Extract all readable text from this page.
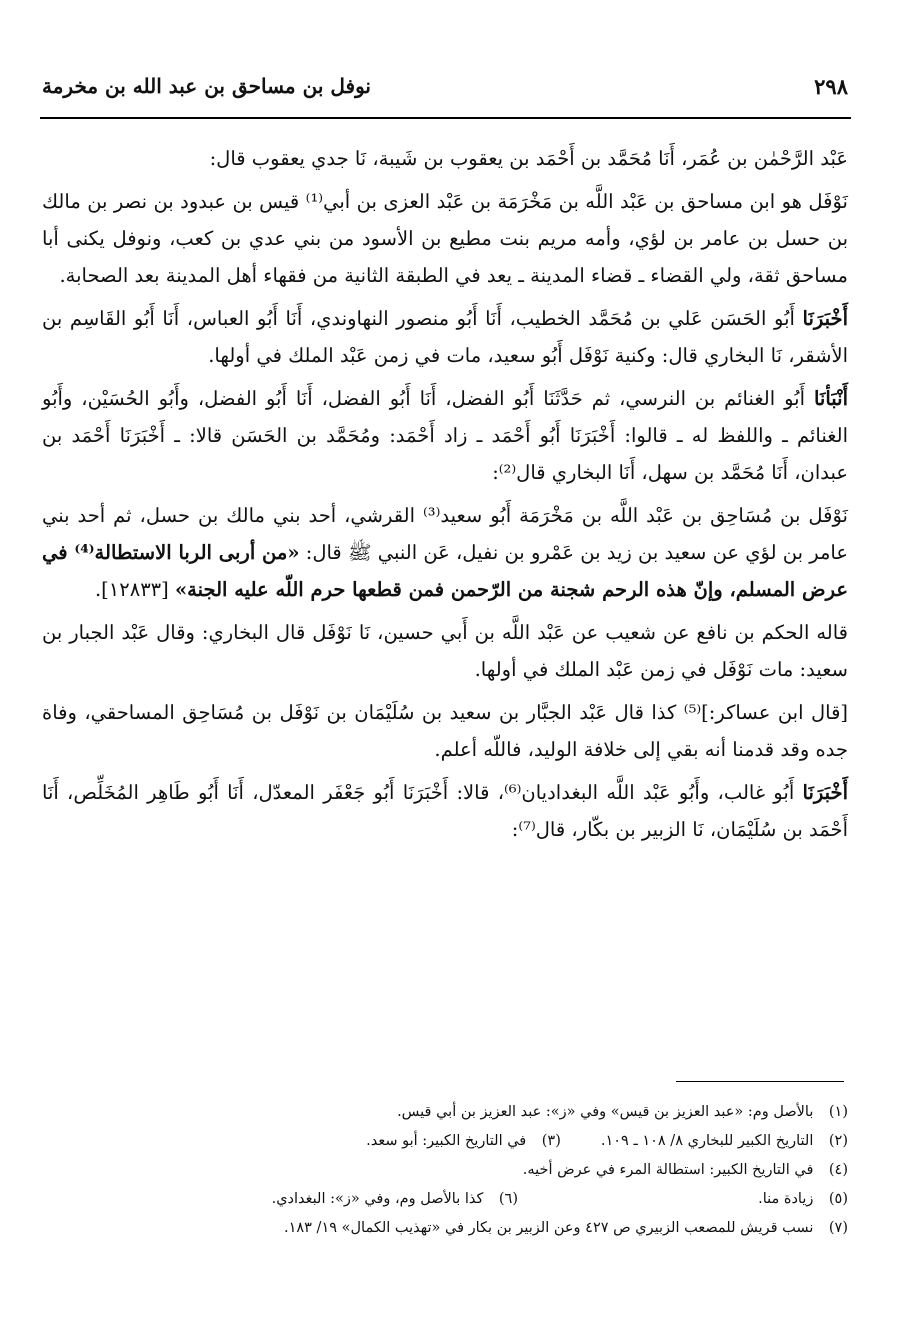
٢٩٨
نوفل بن مساحق بن عبد الله بن مخرمة

عَبْد الرَّحْمٰن بن عُمَر، أَنَا مُحَمَّد بن أَحْمَد بن يعقوب بن شَيبة، نَا جدي يعقوب قال:

نَوْفَل هو ابن مساحق بن عَبْد اللَّه بن مَخْرَمَة بن عَبْد العزى بن أبي⁽¹⁾ قيس بن عبدود بن نصر بن مالك بن حسل بن عامر بن لؤي، وأمه مريم بنت مطيع بن الأسود من بني عدي بن كعب، ونوفل يكنى أبا مساحق ثقة، ولي القضاء ـ قضاء المدينة ـ يعد في الطبقة الثانية من فقهاء أهل المدينة بعد الصحابة.

أَخْبَرَنَا أَبُو الحَسَن عَلي بن مُحَمَّد الخطيب، أَنَا أَبُو منصور النهاوندي، أَنَا أَبُو العباس، أَنَا أَبُو القَاسِم بن الأشقر، نَا البخاري قال: وكنية نَوْفَل أَبُو سعيد، مات في زمن عَبْد الملك في أولها.

أَنْبَأنَا أَبُو الغنائم بن النرسي، ثم حَدَّثَنَا أَبُو الفضل، أَنَا أَبُو الفضل، أَنَا أَبُو الفضل، وأَبُو الحُسَيْن، وأَبُو الغنائم ـ واللفظ له ـ قالوا: أَخْبَرَنَا أَبُو أَحْمَد ـ زاد أَحْمَد: ومُحَمَّد بن الحَسَن قالا: ـ أَخْبَرَنَا أَحْمَد بن عبدان، أَنَا مُحَمَّد بن سهل، أَنَا البخاري قال⁽²⁾:

نَوْفَل بن مُسَاحِق بن عَبْد اللَّه بن مَخْرَمَة أَبُو سعيد⁽³⁾ القرشي، أحد بني مالك بن حسل، ثم أحد بني عامر بن لؤي عن سعيد بن زيد بن عَمْرو بن نفيل، عَن النبي ﷺ قال: «من أربى الربا الاستطالة⁽⁴⁾ في عرض المسلم، وإنّ هذه الرحم شجنة من الرّحمن فمن قطعها حرم اللّه عليه الجنة» [١٢٨٣٣].

قاله الحكم بن نافع عن شعيب عن عَبْد اللَّه بن أَبي حسين، نَا نَوْفَل قال البخاري: وقال عَبْد الجبار بن سعيد: مات نَوْفَل في زمن عَبْد الملك في أولها.

[قال ابن عساكر:]⁽⁵⁾ كذا قال عَبْد الجبَّار بن سعيد بن سُلَيْمَان بن نَوْفَل بن مُسَاحِق المساحقي، وفاة جده وقد قدمنا أنه بقي إلى خلافة الوليد، فاللّه أعلم.

أَخْبَرَنَا أَبُو غالب، وأَبُو عَبْد اللَّه البغداديان⁽⁶⁾، قالا: أَخْبَرَنَا أَبُو جَعْفَر المعدّل، أَنَا أَبُو طَاهِر المُخَلِّص، أَنَا أَحْمَد بن سُلَيْمَان، نَا الزبير بن بكّار، قال⁽⁷⁾:

(١) بالأصل وم: «عبد العزيز بن قيس» وفي «ز»: عبد العزيز بن أبي قيس.
(٢) التاريخ الكبير للبخاري ٨/ ١٠٨ ـ ١٠٩.
(٣) في التاريخ الكبير: أبو سعد.
(٤) في التاريخ الكبير: استطالة المرء في عرض أخيه.
(٥) زيادة منا.
(٦) كذا بالأصل وم، وفي «ز»: البغدادي.
(٧) نسب قريش للمصعب الزبيري ص ٤٢٧ وعن الزبير بن بكار في «تهذيب الكمال» ١٩/ ١٨٣.
